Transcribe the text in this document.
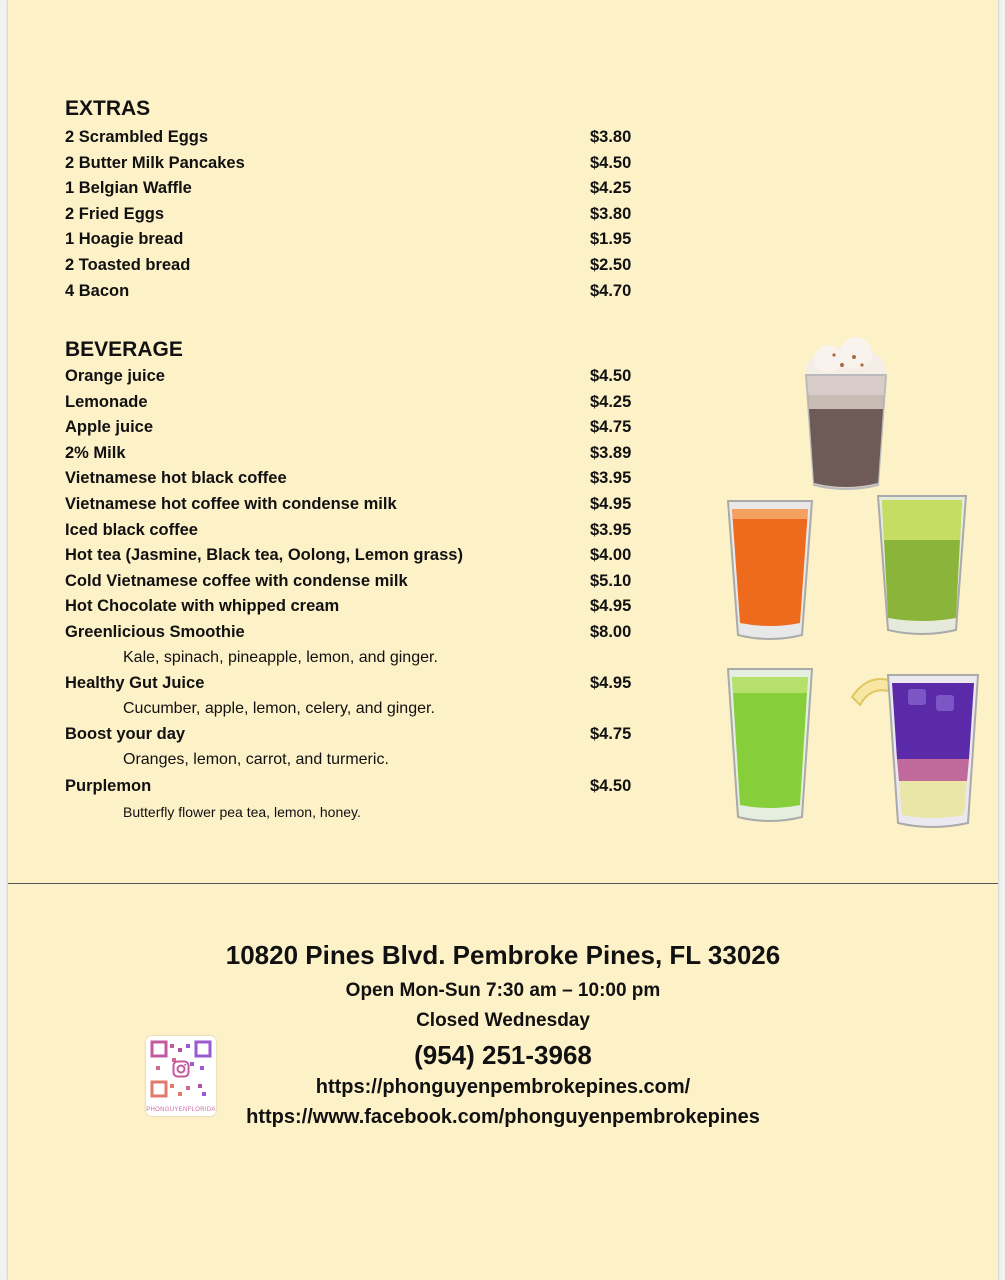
EXTRAS
2 Scrambled Eggs	$3.80
2 Butter Milk Pancakes	$4.50
1 Belgian Waffle	$4.25
2 Fried Eggs	$3.80
1 Hoagie bread	$1.95
2 Toasted bread	$2.50
4 Bacon	$4.70
BEVERAGE
Orange juice	$4.50
Lemonade	$4.25
Apple juice	$4.75
2% Milk	$3.89
Vietnamese hot black coffee	$3.95
Vietnamese hot coffee with condense milk	$4.95
Iced black coffee	$3.95
Hot tea (Jasmine, Black tea, Oolong, Lemon grass)	$4.00
Cold Vietnamese coffee with condense milk	$5.10
Hot Chocolate with whipped cream	$4.95
Greenlicious Smoothie	$8.00
Kale, spinach, pineapple, lemon, and ginger.
Healthy Gut Juice	$4.95
Cucumber, apple, lemon, celery, and ginger.
Boost your day	$4.75
Oranges, lemon, carrot, and turmeric.
Purplemon	$4.50
Butterfly flower pea tea, lemon, honey.
10820 Pines Blvd. Pembroke Pines, FL 33026
Open Mon-Sun 7:30 am – 10:00 pm
Closed Wednesday
(954) 251-3968
https://phonguyenpembrokepines.com/
https://www.facebook.com/phonguyenpembrokepines
PHONGUYENFLORIDA
